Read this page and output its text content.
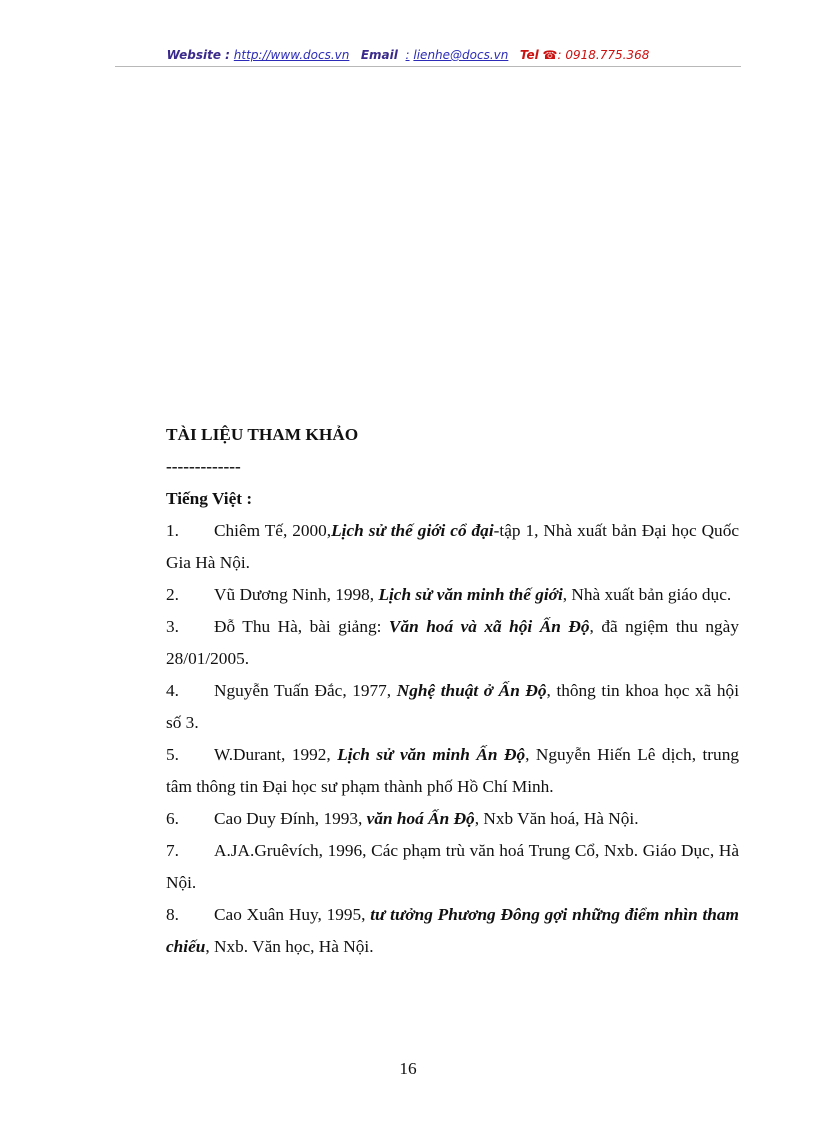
Website : http://www.docs.vn Email : lienhe@docs.vn Tel ☎: 0918.775.368

TÀI LIỆU THAM KHẢO

-------------

Tiếng Việt :

1. Chiêm Tế, 2000,Lịch sử thế giới cổ đại-tập 1, Nhà xuất bản Đại học Quốc Gia Hà Nội.

2. Vũ Dương Ninh, 1998, Lịch sử văn minh thế giới, Nhà xuất bản giáo dục.

3. Đỗ Thu Hà, bài giảng: Văn hoá và xã hội Ấn Độ, đã ngiệm thu ngày 28/01/2005.

4. Nguyễn Tuấn Đắc, 1977, Nghệ thuật ở Ấn Độ, thông tin khoa học xã hội số 3.

5. W.Durant, 1992, Lịch sử văn minh Ấn Độ, Nguyễn Hiến Lê dịch, trung tâm thông tin Đại học sư phạm thành phố Hồ Chí Minh.

6. Cao Duy Đính, 1993, văn hoá Ấn Độ, Nxb Văn hoá, Hà Nội.

7. A.JA.Gruêvích, 1996, Các phạm trù văn hoá Trung Cổ, Nxb. Giáo Dục, Hà Nội.

8. Cao Xuân Huy, 1995, tư tưởng Phương Đông gợi những điểm nhìn tham chiếu, Nxb. Văn học, Hà Nội.

16
